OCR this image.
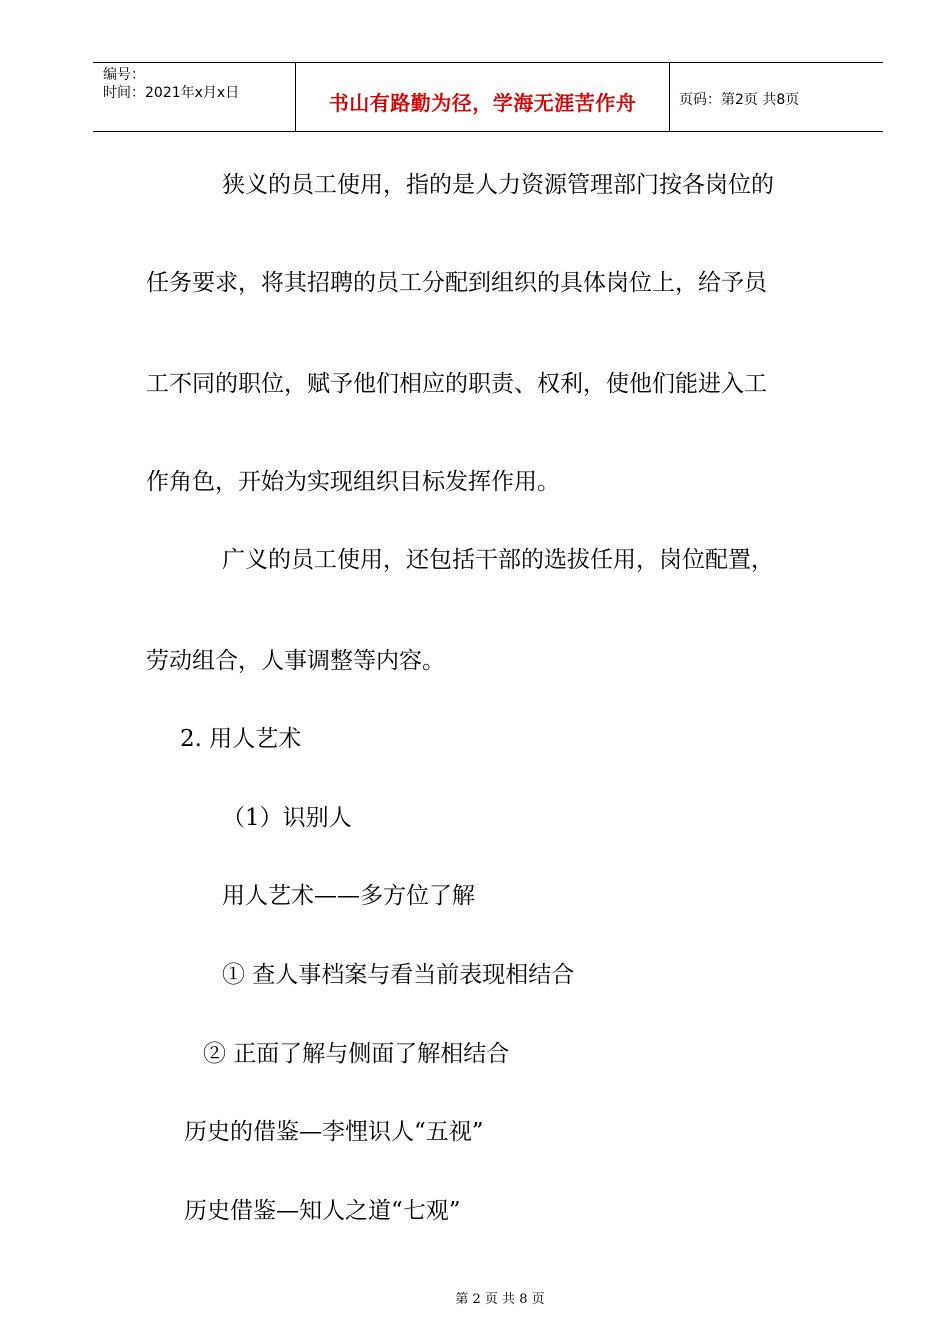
编号：
时间：2021年x月x日	书山有路勤为径，学海无涯苦作舟	页码：第2页 共8页
狭义的员工使用，指的是人力资源管理部门按各岗位的
任务要求，将其招聘的员工分配到组织的具体岗位上，给予员
工不同的职位，赋予他们相应的职责、权利，使他们能进入工
作角色，开始为实现组织目标发挥作用。
广义的员工使用，还包括干部的选拔任用，岗位配置，
劳动组合，人事调整等内容。
2. 用人艺术
（1）识别人
用人艺术——多方位了解
① 查人事档案与看当前表现相结合
② 正面了解与侧面了解相结合
历史的借鉴—李悝识人“五视”
历史借鉴—知人之道“七观”
第 2 页 共 8 页
